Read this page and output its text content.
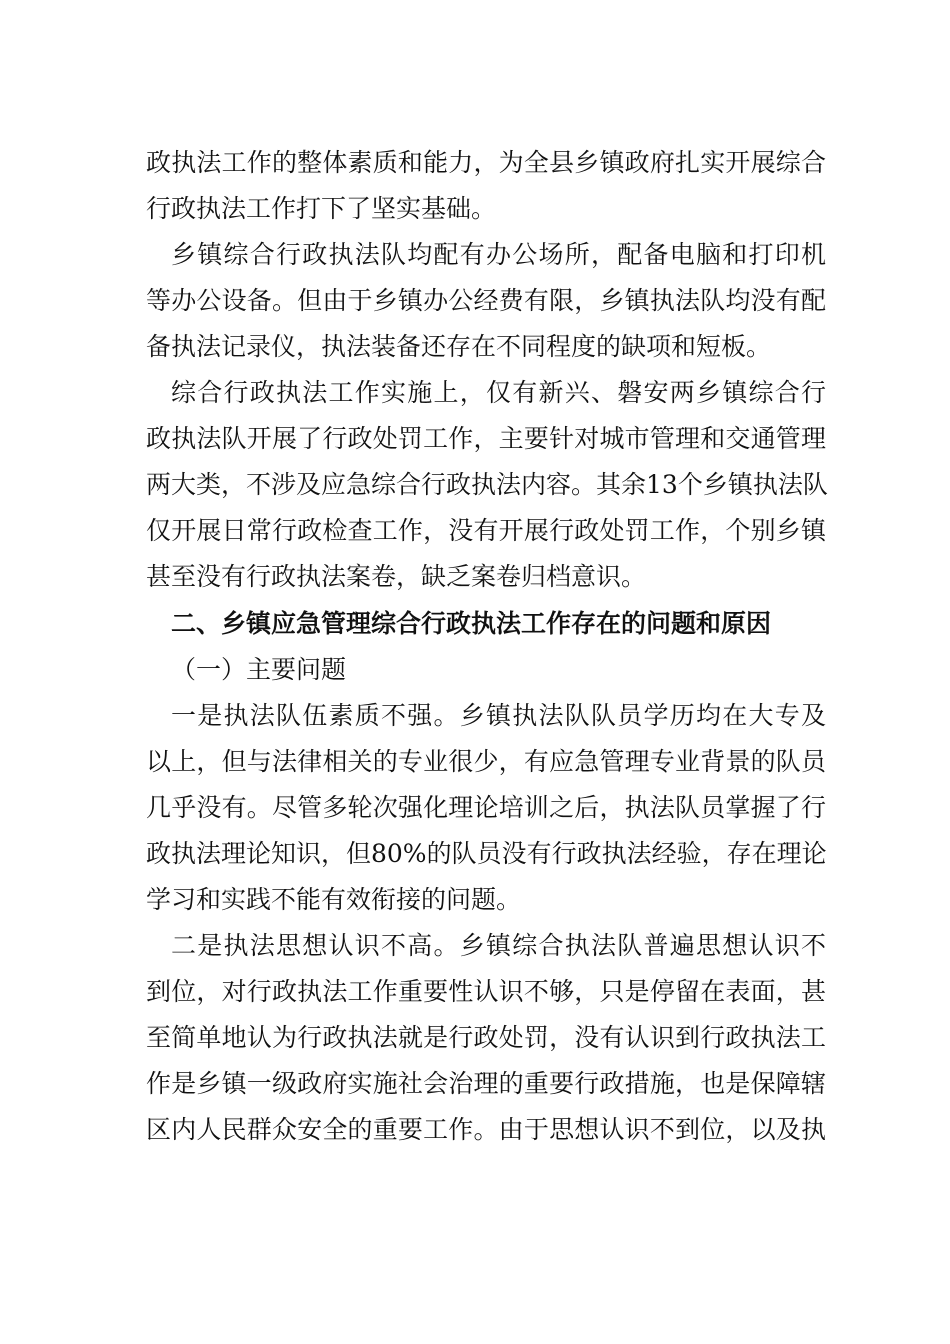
政执法工作的整体素质和能力，为全县乡镇政府扎实开展综合
行政执法工作打下了坚实基础。
乡镇综合行政执法队均配有办公场所，配备电脑和打印机
等办公设备。但由于乡镇办公经费有限，乡镇执法队均没有配
备执法记录仪，执法装备还存在不同程度的缺项和短板。
综合行政执法工作实施上，仅有新兴、磐安两乡镇综合行
政执法队开展了行政处罚工作，主要针对城市管理和交通管理
两大类，不涉及应急综合行政执法内容。其余13个乡镇执法队
仅开展日常行政检查工作，没有开展行政处罚工作，个别乡镇
甚至没有行政执法案卷，缺乏案卷归档意识。
二、乡镇应急管理综合行政执法工作存在的问题和原因
（一）主要问题
一是执法队伍素质不强。乡镇执法队队员学历均在大专及
以上，但与法律相关的专业很少，有应急管理专业背景的队员
几乎没有。尽管多轮次强化理论培训之后，执法队员掌握了行
政执法理论知识，但80%的队员没有行政执法经验，存在理论
学习和实践不能有效衔接的问题。
二是执法思想认识不高。乡镇综合执法队普遍思想认识不
到位，对行政执法工作重要性认识不够，只是停留在表面，甚
至简单地认为行政执法就是行政处罚，没有认识到行政执法工
作是乡镇一级政府实施社会治理的重要行政措施，也是保障辖
区内人民群众安全的重要工作。由于思想认识不到位，以及执
